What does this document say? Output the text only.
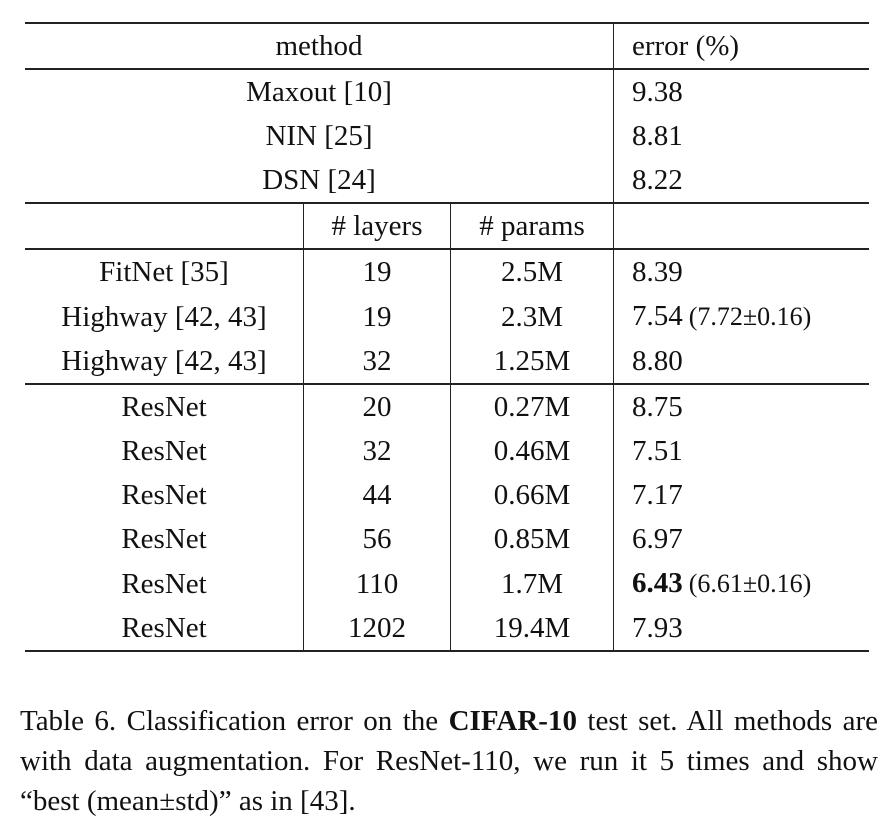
method			error (%)
Maxout [10]			9.38
NIN [25]			8.81
DSN [24]			8.22
	# layers	# params	
FitNet [35]	19	2.5M	8.39
Highway [42, 43]	19	2.3M	7.54 (7.72±0.16)
Highway [42, 43]	32	1.25M	8.80
ResNet	20	0.27M	8.75
ResNet	32	0.46M	7.51
ResNet	44	0.66M	7.17
ResNet	56	0.85M	6.97
ResNet	110	1.7M	6.43 (6.61±0.16)
ResNet	1202	19.4M	7.93

Table 6. Classification error on the CIFAR-10 test set. All methods are with data augmentation. For ResNet-110, we run it 5 times and show “best (mean±std)” as in [43].
